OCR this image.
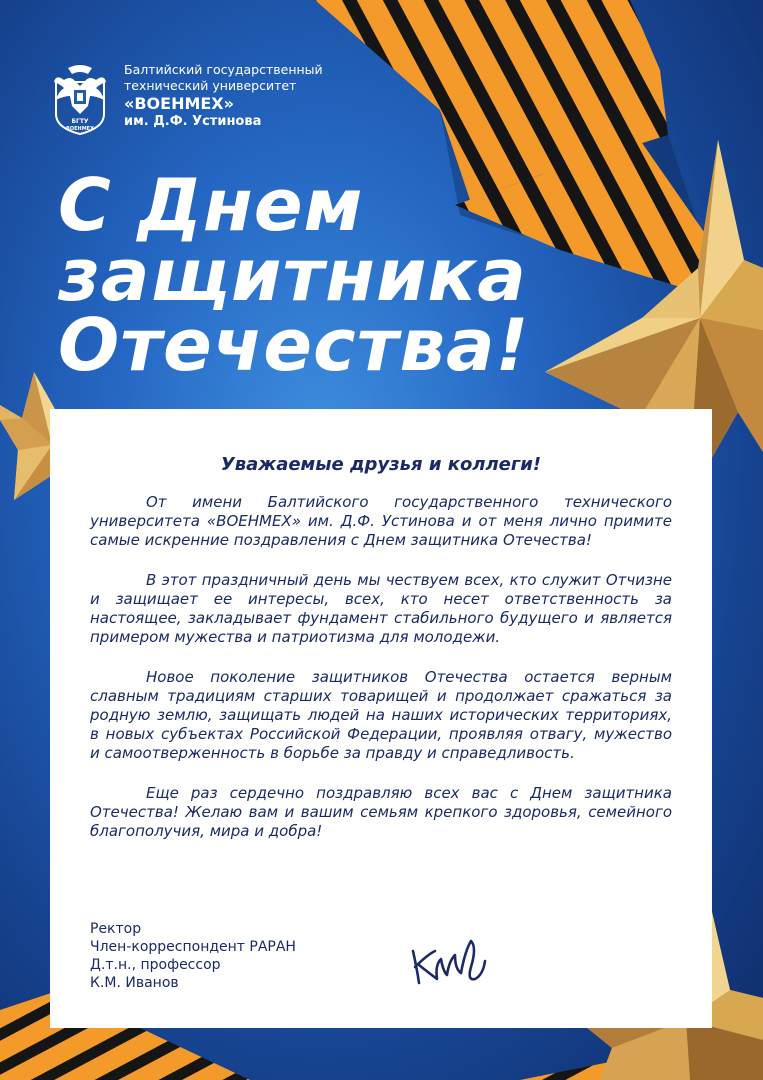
БГТУ
ВОЕНМЕХ
Балтийский государственный
технический университет
«ВОЕНМЕХ»
им. Д.Ф. Устинова
С Днем
защитника
Отечества!
Уважаемые друзья и коллеги!

От имени Балтийского государственного технического университета «ВОЕНМЕХ» им. Д.Ф. Устинова и от меня лично примите самые искренние поздравления с Днем защитника Отечества!

В этот праздничный день мы чествуем всех, кто служит Отчизне и защищает ее интересы, всех, кто несет ответственность за настоящее, закладывает фундамент стабильного будущего и является примером мужества и патриотизма для молодежи.

Новое поколение защитников Отечества остается верным славным традициям старших товарищей и продолжает сражаться за родную землю, защищать людей на наших исторических территориях, в новых субъектах Российской Федерации, проявляя отвагу, мужество и самоотверженность в борьбе за правду и справедливость.

Еще раз сердечно поздравляю всех вас с Днем защитника Отечества! Желаю вам и вашим семьям крепкого здоровья, семейного благополучия, мира и добра!

Ректор
Член-корреспондент РАРАН
Д.т.н., профессор
К.М. Иванов
